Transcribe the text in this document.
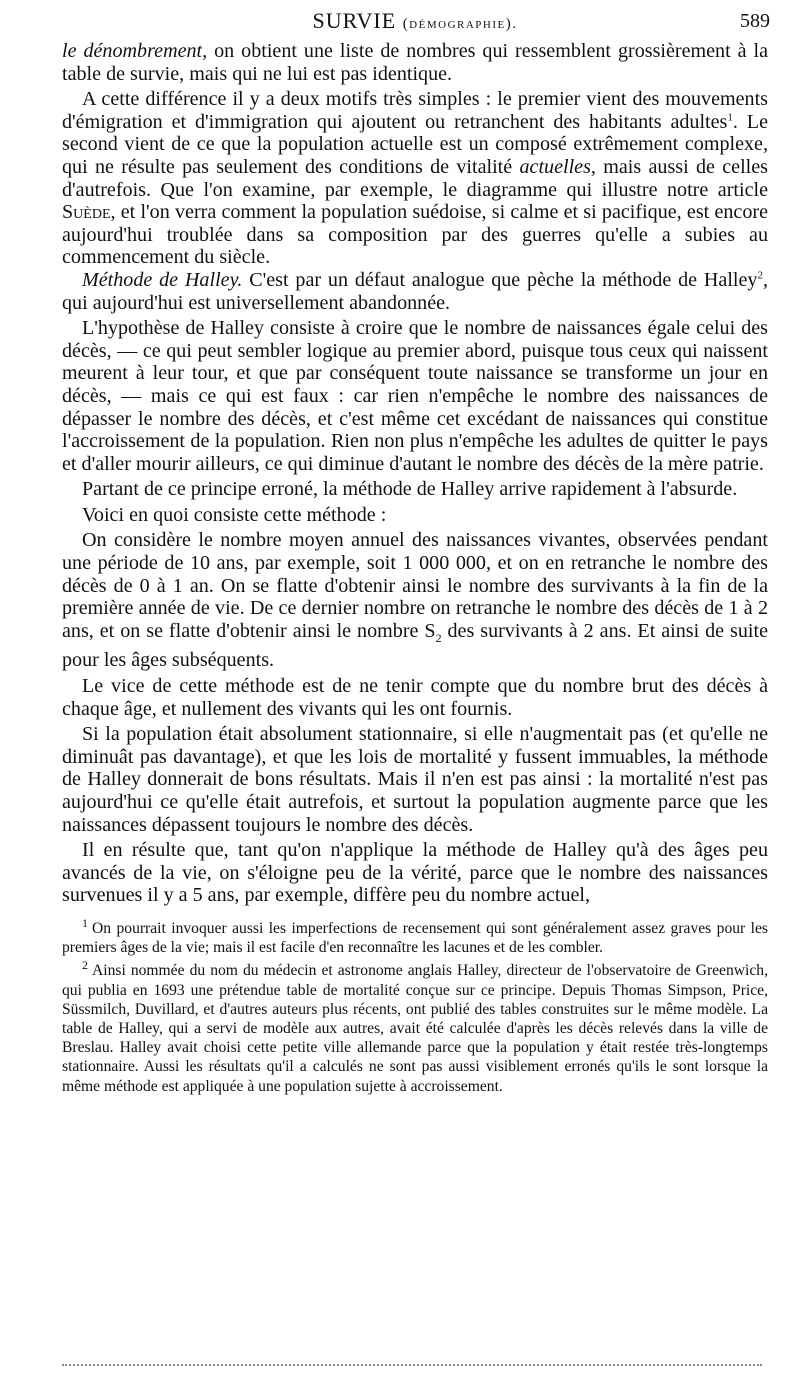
SURVIE (démographie).	589

le dénombrement, on obtient une liste de nombres qui ressemblent grossièrement à la table de survie, mais qui ne lui est pas identique.

A cette différence il y a deux motifs très simples : le premier vient des mouvements d'émigration et d'immigration qui ajoutent ou retranchent des habitants adultes$^1$. Le second vient de ce que la population actuelle est un composé extrêmement complexe, qui ne résulte pas seulement des conditions de vitalité actuelles, mais aussi de celles d'autrefois. Que l'on examine, par exemple, le diagramme qui illustre notre article Suède, et l'on verra comment la population suédoise, si calme et si pacifique, est encore aujourd'hui troublée dans sa composition par des guerres qu'elle a subies au commencement du siècle.

Méthode de Halley. C'est par un défaut analogue que pèche la méthode de Halley$^2$, qui aujourd'hui est universellement abandonnée.

L'hypothèse de Halley consiste à croire que le nombre de naissances égale celui des décès, — ce qui peut sembler logique au premier abord, puisque tous ceux qui naissent meurent à leur tour, et que par conséquent toute naissance se transforme un jour en décès, — mais ce qui est faux : car rien n'empêche le nombre des naissances de dépasser le nombre des décès, et c'est même cet excédant de naissances qui constitue l'accroissement de la population. Rien non plus n'empêche les adultes de quitter le pays et d'aller mourir ailleurs, ce qui diminue d'autant le nombre des décès de la mère patrie.

Partant de ce principe erroné, la méthode de Halley arrive rapidement à l'absurde.

Voici en quoi consiste cette méthode :

On considère le nombre moyen annuel des naissances vivantes, observées pendant une période de 10 ans, par exemple, soit 1 000 000, et on en retranche le nombre des décès de 0 à 1 an. On se flatte d'obtenir ainsi le nombre des survivants à la fin de la première année de vie. De ce dernier nombre on retranche le nombre des décès de 1 à 2 ans, et on se flatte d'obtenir ainsi le nombre $S_2$ des survivants à 2 ans. Et ainsi de suite pour les âges subséquents.

Le vice de cette méthode est de ne tenir compte que du nombre brut des décès à chaque âge, et nullement des vivants qui les ont fournis.

Si la population était absolument stationnaire, si elle n'augmentait pas (et qu'elle ne diminuât pas davantage), et que les lois de mortalité y fussent immuables, la méthode de Halley donnerait de bons résultats. Mais il n'en est pas ainsi : la mortalité n'est pas aujourd'hui ce qu'elle était autrefois, et surtout la population augmente parce que les naissances dépassent toujours le nombre des décès.

Il en résulte que, tant qu'on n'applique la méthode de Halley qu'à des âges peu avancés de la vie, on s'éloigne peu de la vérité, parce que le nombre des naissances survenues il y a 5 ans, par exemple, diffère peu du nombre actuel,

$^1$ On pourrait invoquer aussi les imperfections de recensement qui sont généralement assez graves pour les premiers âges de la vie; mais il est facile d'en reconnaître les lacunes et de les combler.

$^2$ Ainsi nommée du nom du médecin et astronome anglais Halley, directeur de l'observatoire de Greenwich, qui publia en 1693 une prétendue table de mortalité conçue sur ce principe. Depuis Thomas Simpson, Price, Süssmilch, Duvillard, et d'autres auteurs plus récents, ont publié des tables construites sur le même modèle. La table de Halley, qui a servi de modèle aux autres, avait été calculée d'après les décès relevés dans la ville de Breslau. Halley avait choisi cette petite ville allemande parce que la population y était restée très-longtemps stationnaire. Aussi les résultats qu'il a calculés ne sont pas aussi visiblement erronés qu'ils le sont lorsque la même méthode est appliquée à une population sujette à accroissement.
